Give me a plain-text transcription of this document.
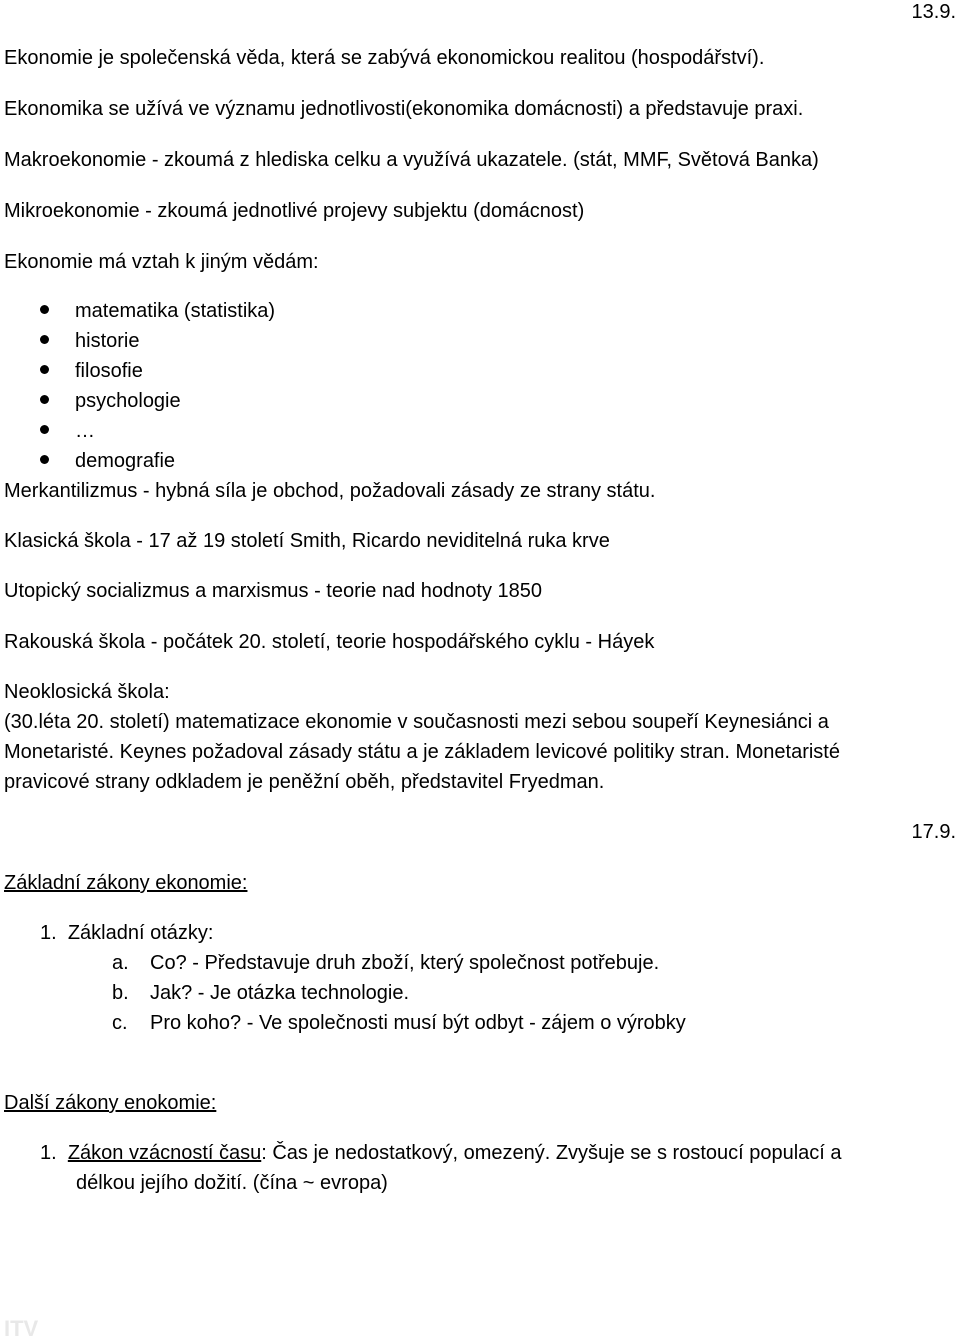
13.9.
Ekonomie je společenská věda, která se zabývá ekonomickou realitou (hospodářství).
Ekonomika se užívá ve významu jednotlivosti(ekonomika domácnosti) a představuje praxi.
Makroekonomie - zkoumá z hlediska celku a využívá ukazatele. (stát, MMF, Světová Banka)
Mikroekonomie - zkoumá jednotlivé projevy subjektu (domácnost)
Ekonomie má vztah k jiným vědám:
matematika (statistika)
historie
filosofie
psychologie
…
demografie
Merkantilizmus - hybná síla je obchod, požadovali zásady ze strany státu.
Klasická škola - 17 až 19 století Smith, Ricardo neviditelná ruka krve
Utopický socializmus a marxismus - teorie nad hodnoty 1850
Rakouská škola - počátek 20. století, teorie hospodářského cyklu - Háyek
Neoklosická škola:
(30.léta 20. století) matematizace ekonomie v současnosti mezi sebou soupeří Keynesiánci a
Monetaristé. Keynes požadoval zásady státu a je základem levicové politiky stran. Monetaristé
pravicové strany odkladem je peněžní oběh, představitel Fryedman.
17.9.
Základní zákony ekonomie:
1. Základní otázky:
a. Co? - Představuje druh zboží, který společnost potřebuje.
b. Jak? - Je otázka technologie.
c. Pro koho? - Ve společnosti musí být odbyt - zájem o výrobky
Další zákony enokomie:
1. Zákon vzácností času: Čas je nedostatkový, omezený. Zvyšuje se s rostoucí populací a
délkou jejího dožití. (čína ~ evropa)
ITV
